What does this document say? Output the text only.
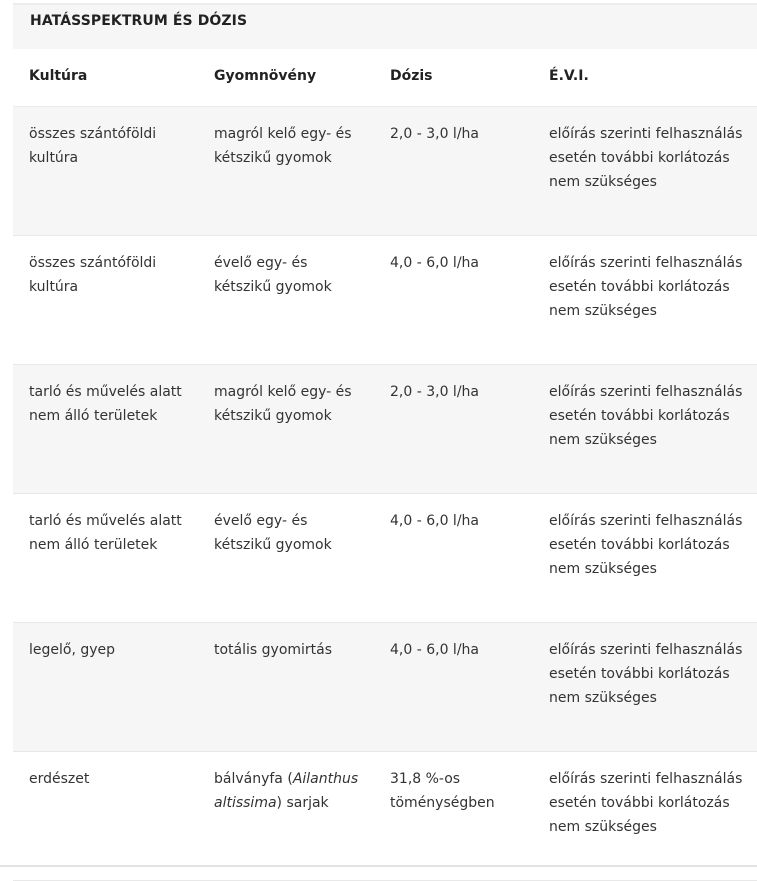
HATÁSSPEKTRUM ÉS DÓZIS
Kultúra	Gyomnövény	Dózis	É.V.I.
összes szántóföldi kultúra	magról kelő egy- és kétszikű gyomok	2,0 - 3,0 l/ha	előírás szerinti felhasználás esetén további korlátozás nem szükséges
összes szántóföldi kultúra	évelő egy- és kétszikű gyomok	4,0 - 6,0 l/ha	előírás szerinti felhasználás esetén további korlátozás nem szükséges
tarló és művelés alatt nem álló területek	magról kelő egy- és kétszikű gyomok	2,0 - 3,0 l/ha	előírás szerinti felhasználás esetén további korlátozás nem szükséges
tarló és művelés alatt nem álló területek	évelő egy- és kétszikű gyomok	4,0 - 6,0 l/ha	előírás szerinti felhasználás esetén további korlátozás nem szükséges
legelő, gyep	totális gyomirtás	4,0 - 6,0 l/ha	előírás szerinti felhasználás esetén további korlátozás nem szükséges
erdészet	bálványfa (Ailanthus altissima) sarjak	31,8 %-os töménységben	előírás szerinti felhasználás esetén további korlátozás nem szükséges
